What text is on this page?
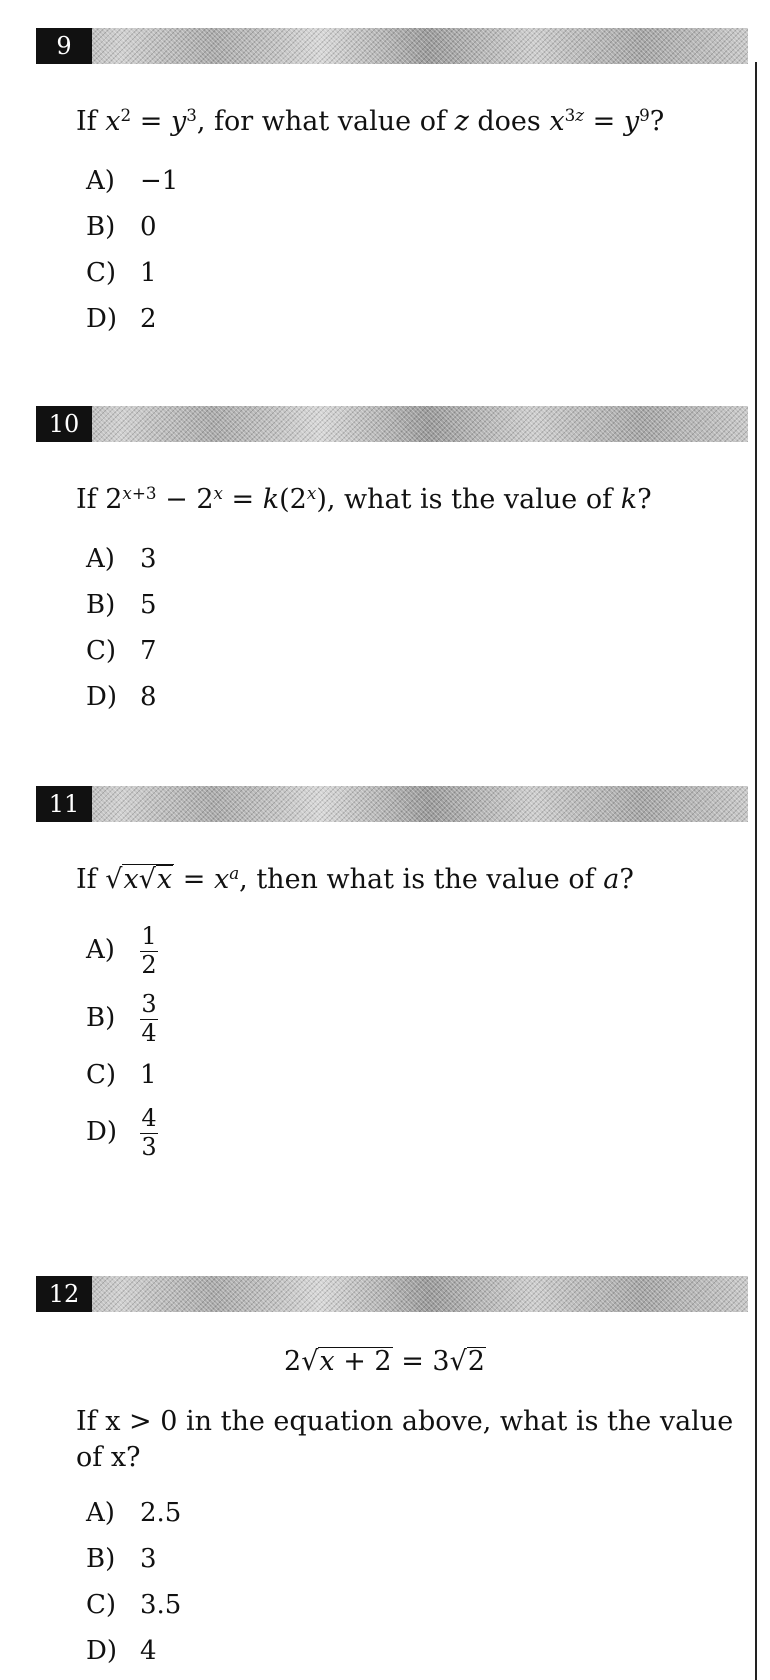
9
If $x^2 = y^3$, for what value of z does $x^{3z} = y^9$?
A) −1
B) 0
C) 1
D) 2
10
If $2^{x+3} - 2^x = k(2^x)$, what is the value of k?
A) 3
B) 5
C) 7
D) 8
11
If $√x√x = x^a$, then what is the value of a?
$A) \frac{1}{2}$
$B) \frac{3}{4}$
C) 1
$D) \frac{4}{3}$
12
2√x + 2 = 3√2
If x > 0 in the equation above, what is the value
of x?
A) 2.5
B) 3
C) 3.5
D) 4
